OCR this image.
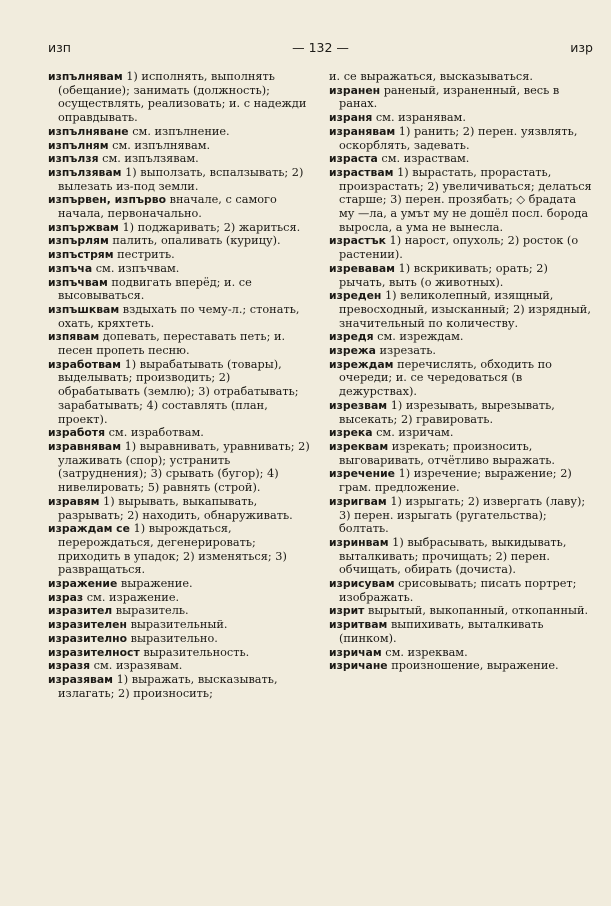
изп	— 132 —	изр

изпълнявам 1) исполнять, выполнять (обещание); занимать (должность); осуществлять, реализовать; и. с надежди оправдывать.

изпълняване см. изпълнение.

изпълням см. изпълнявам.

изпълзя см. изпълзявам.

изпълзявам 1) выползать, вспалзывать; 2) вылезать из-под земли.

изпървен, изпърво вначале, с самого начала, первоначально.

изпържвам 1) поджаривать; 2) жариться.

изпърлям палить, опаливать (курицу).

изпъстрям пестрить.

изпъча см. изпъчвам.

изпъчвам подвигать вперёд; и. се высовываться.

изпъшквам вздыхать по чему-л.; стонать, охать, кряхтеть.

изпявам допевать, переставать петь; и. песен пропеть песню.

изработвам 1) вырабатывать (товары), выделывать; производить; 2) обрабатывать (землю); 3) отрабатывать; зарабатывать; 4) составлять (план, проект).

изработя см. изработвам.

изравнявам 1) выравнивать, уравнивать; 2) улаживать (спор); устранить (затруднения); 3) срывать (бугор); 4) нивелировать; 5) равнять (строй).

изравям 1) вырывать, выкапывать, разрывать; 2) находить, обнаруживать.

израждам се 1) вырождаться, перерождаться, дегенерировать; приходить в упадок; 2) изменяться; 3) развращаться.

изражение выражение.

израз см. изражение.

изразител выразитель.

изразителен выразительный.

изразително выразительно.

изразителност выразительность.

изразя см. изразявам.

изразявам 1) выражать, высказывать, излагать; 2) произносить;

и. се выражаться, высказываться.

изранен раненый, израненный, весь в ранах.

израня см. изранявам.

изранявам 1) ранить; 2) перен. уязвлять, оскорблять, задевать.

израста см. израствам.

израствам 1) вырастать, прорастать, произрастать; 2) увеличиваться; делаться старше; 3) перен. прозябать; ◇ брадата му —ла, а умът му не дошёл посл. борода выросла, а ума не вынесла.

израстък 1) нарост, опухоль; 2) росток (о растении).

изревавам 1) вскрикивать; орать; 2) рычать, выть (о животных).

изреден 1) великолепный, изящный, превосходный, изысканный; 2) изрядный, значительный по количеству.

изредя см. изреждам.

изрежа изрезать.

изреждам перечислять, обходить по очереди; и. се чередоваться (в дежурствах).

изрезвам 1) изрезывать, вырезывать, высекать; 2) гравировать.

изрека см. изричам.

изреквам изрекать; произносить, выговаривать, отчётливо выражать.

изречение 1) изречение; выражение; 2) грам. предложение.

изригвам 1) изрыгать; 2) извергать (лаву); 3) перен. изрыгать (ругательства); болтать.

изринвам 1) выбрасывать, выкидывать, выталкивать; прочищать; 2) перен. обчищать, обирать (дочиста).

изрисувам срисовывать; писать портрет; изображать.

изрит вырытый, выкопанный, откопанный.

изритвам выпихивать, выталкивать (пинком).

изричам см. изреквам.

изричане произношение, выражение.
